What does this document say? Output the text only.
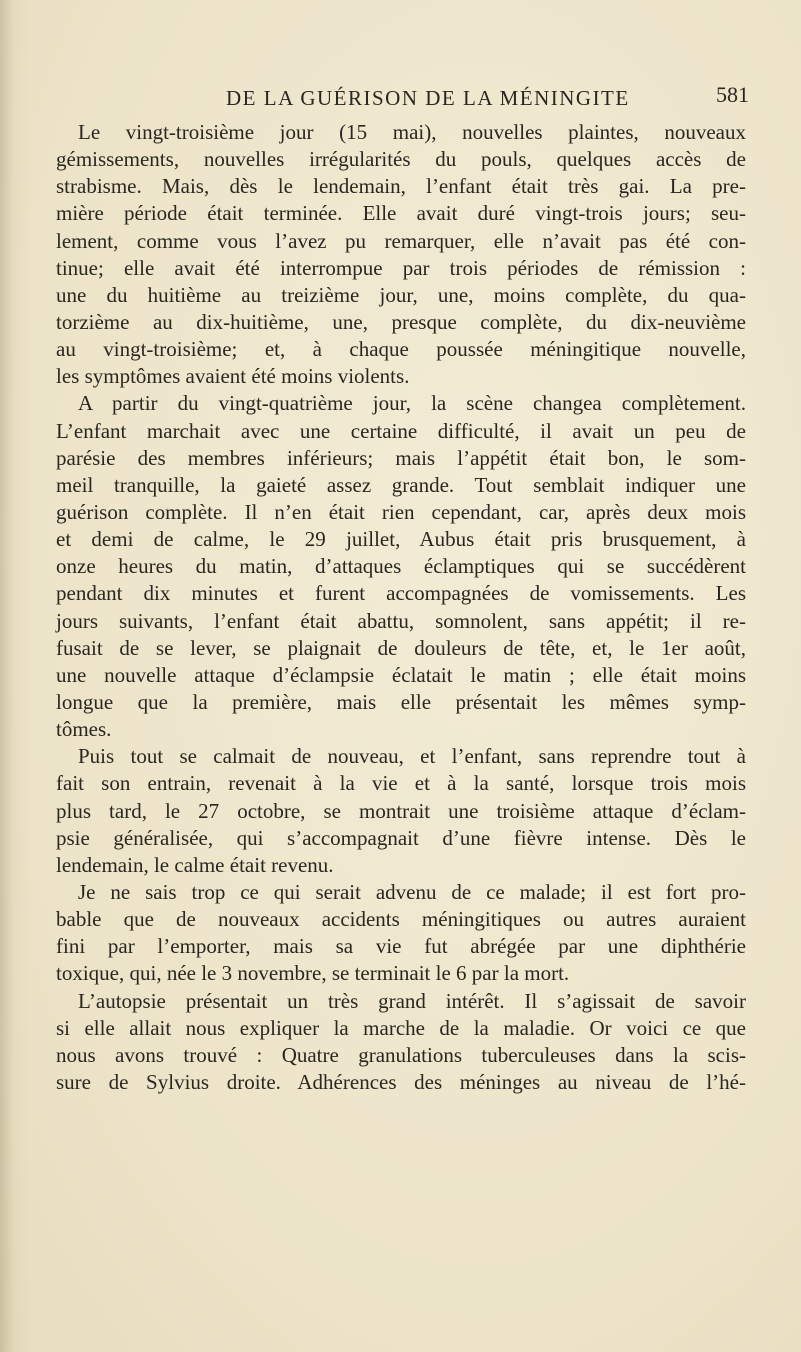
DE LA GUÉRISON DE LA MÉNINGITE	581
Le vingt-troisième jour (15 mai), nouvelles plaintes, nouveaux
gémissements, nouvelles irrégularités du pouls, quelques accès de
strabisme. Mais, dès le lendemain, l’enfant était très gai. La pre-
mière période était terminée. Elle avait duré vingt-trois jours; seu-
lement, comme vous l’avez pu remarquer, elle n’avait pas été con-
tinue; elle avait été interrompue par trois périodes de rémission :
une du huitième au treizième jour, une, moins complète, du qua-
torzième au dix-huitième, une, presque complète, du dix-neuvième
au vingt-troisième; et, à chaque poussée méningitique nouvelle,
les symptômes avaient été moins violents.
A partir du vingt-quatrième jour, la scène changea complètement.
L’enfant marchait avec une certaine difficulté, il avait un peu de
parésie des membres inférieurs; mais l’appétit était bon, le som-
meil tranquille, la gaieté assez grande. Tout semblait indiquer une
guérison complète. Il n’en était rien cependant, car, après deux mois
et demi de calme, le 29 juillet, Aubus était pris brusquement, à
onze heures du matin, d’attaques éclamptiques qui se succédèrent
pendant dix minutes et furent accompagnées de vomissements. Les
jours suivants, l’enfant était abattu, somnolent, sans appétit; il re-
fusait de se lever, se plaignait de douleurs de tête, et, le 1er août,
une nouvelle attaque d’éclampsie éclatait le matin ; elle était moins
longue que la première, mais elle présentait les mêmes symp-
tômes.
Puis tout se calmait de nouveau, et l’enfant, sans reprendre tout à
fait son entrain, revenait à la vie et à la santé, lorsque trois mois
plus tard, le 27 octobre, se montrait une troisième attaque d’éclam-
psie généralisée, qui s’accompagnait d’une fièvre intense. Dès le
lendemain, le calme était revenu.
Je ne sais trop ce qui serait advenu de ce malade; il est fort pro-
bable que de nouveaux accidents méningitiques ou autres auraient
fini par l’emporter, mais sa vie fut abrégée par une diphthérie
toxique, qui, née le 3 novembre, se terminait le 6 par la mort.
L’autopsie présentait un très grand intérêt. Il s’agissait de savoir
si elle allait nous expliquer la marche de la maladie. Or voici ce que
nous avons trouvé : Quatre granulations tuberculeuses dans la scis-
sure de Sylvius droite. Adhérences des méninges au niveau de l’hé-
